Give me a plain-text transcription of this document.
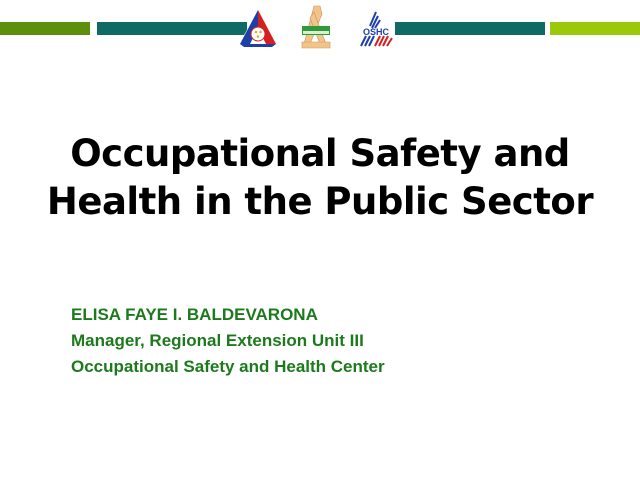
OSHC
Occupational Safety and
Health in the Public Sector
ELISA FAYE I. BALDEVARONA
Manager, Regional Extension Unit III
Occupational Safety and Health Center
